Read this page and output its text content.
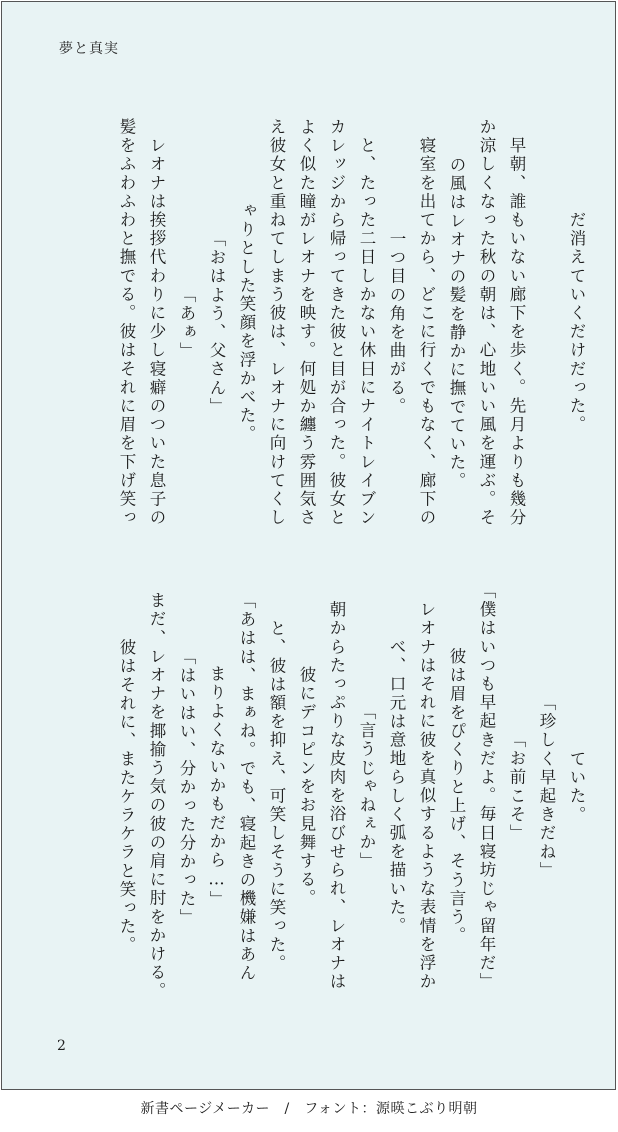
夢と真実
だ消えていくだけだった。
　早朝、誰もいない廊下を歩く。先月よりも幾分
か涼しくなった秋の朝は、心地いい風を運ぶ。そ
の風はレオナの髪を静かに撫でていた。
　寝室を出てから、どこに行くでもなく、廊下の
一つ目の角を曲がる。
　と、たった二日しかない休日にナイトレイブン
カレッジから帰ってきた彼と目が合った。彼女と
よく似た瞳がレオナを映す。何処か纏う雰囲気さ
え彼女と重ねてしまう彼は、レオナに向けてくし
ゃりとした笑顔を浮かべた。
「おはよう、父さん」
「あぁ」
　レオナは挨拶代わりに少し寝癖のついた息子の
髪をふわふわと撫でる。彼はそれに眉を下げ笑っ
ていた。
「珍しく早起きだね」
「お前こそ」
「僕はいつも早起きだよ。毎日寝坊じゃ留年だ」
　彼は眉をぴくりと上げ、そう言う。
　レオナはそれに彼を真似するような表情を浮か
べ、口元は意地らしく弧を描いた。
「言うじゃねぇか」
　朝からたっぷりな皮肉を浴びせられ、レオナは
彼にデコピンをお見舞する。
　と、彼は額を抑え、可笑しそうに笑った。
「あはは、まぁね。でも、寝起きの機嫌はあん
まりよくないかもだから…」
「はいはい、分かった分かった」
　まだ、レオナを揶揄う気の彼の肩に肘をかける。
　彼はそれに、またケラケラと笑った。
2
新書ページメーカー　/　フォント：源暎こぶり明朝
